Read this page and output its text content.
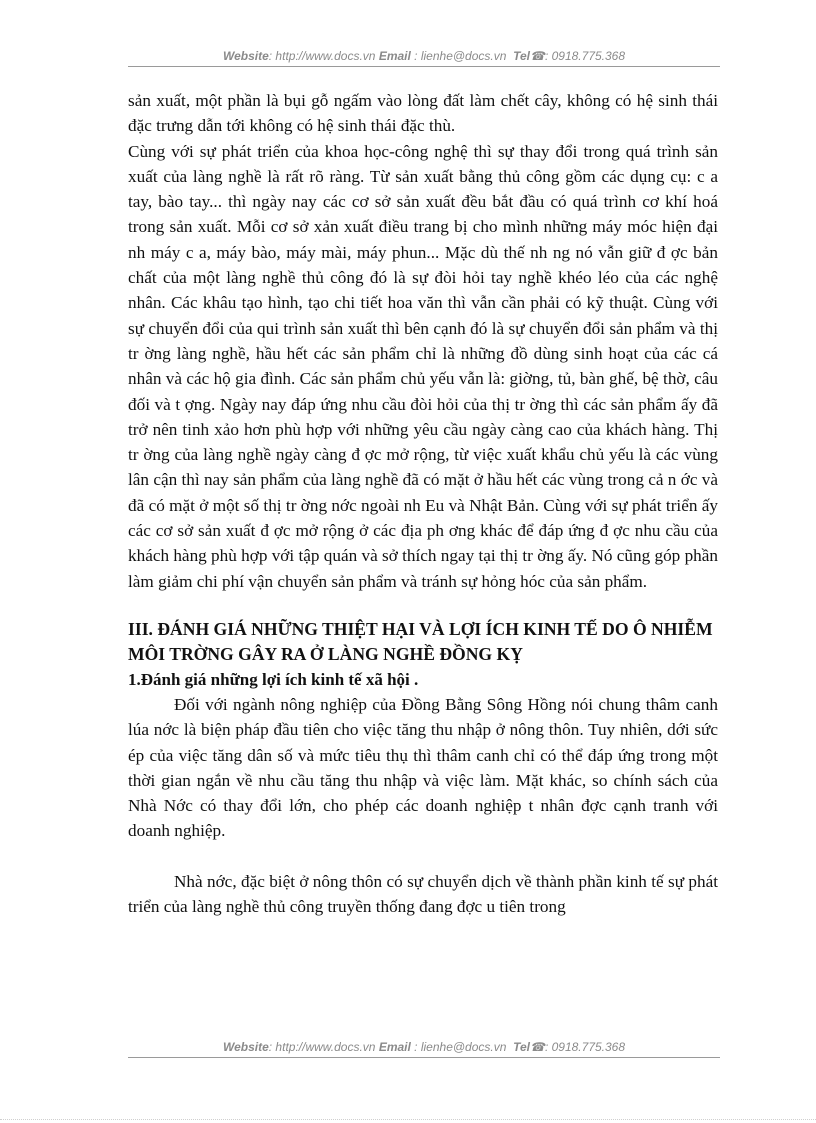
Website: http://www.docs.vn Email : lienhe@docs.vn Tel☎: 0918.775.368

sản xuất, một phần là bụi gỗ ngấm vào lòng đất làm chết cây, không có hệ sinh thái đặc trưng dẫn tới không có hệ sinh thái đặc thù.

Cùng với sự phát triển của khoa học-công nghệ thì sự thay đổi trong quá trình sản xuất của làng nghề là rất rõ ràng. Từ sản xuất bằng thủ công gồm các dụng cụ: c a tay, bào tay... thì ngày nay các cơ sở sản xuất đều bắt đầu có quá trình cơ khí hoá trong sản xuất. Mỗi cơ sở xản xuất điều trang bị cho mình những máy móc hiện đại nh máy c a, máy bào, máy mài, máy phun... Mặc dù thế nh ng nó vẫn giữ đ ợc bản chất của một làng nghề thủ công đó là sự đòi hỏi tay nghề khéo léo của các nghệ nhân. Các khâu tạo hình, tạo chi tiết hoa văn thì vẫn cần phải có kỹ thuật. Cùng với sự chuyển đổi của qui trình sản xuất thì bên cạnh đó là sự chuyển đổi sản phẩm và thị tr ờng làng nghề, hầu hết các sản phẩm chỉ là những đồ dùng sinh hoạt của các cá nhân và các hộ gia đình. Các sản phẩm chủ yếu vẫn là: giờng, tủ, bàn ghế, bệ thờ, câu đối và t ợng. Ngày nay đáp ứng nhu cầu đòi hỏi của thị tr ờng thì các sản phẩm ấy đã trở nên tinh xảo hơn phù hợp với những yêu cầu ngày càng cao của khách hàng. Thị tr ờng của làng nghề ngày càng đ ợc mở rộng, từ việc xuất khẩu chủ yếu là các vùng lân cận thì nay sản phẩm của làng nghề đã có mặt ở hầu hết các vùng trong cả n ớc và đã có mặt ở một số thị tr ờng nớc ngoài nh Eu và Nhật Bản. Cùng với sự phát triển ấy các cơ sở sản xuất đ ợc mở rộng ở các địa ph ơng khác để đáp ứng đ ợc nhu cầu của khách hàng phù hợp với tập quán và sở thích ngay tại thị tr ờng ấy. Nó cũng góp phần làm giảm chi phí vận chuyển sản phẩm và tránh sự hỏng hóc của sản phẩm.

III. ĐÁNH GIÁ NHỮNG THIỆT HẠI VÀ LỢI ÍCH KINH TẾ DO Ô NHIỄM MÔI TRỜNG GÂY RA Ở LÀNG NGHỀ ĐỒNG KỴ

1.Đánh giá những lợi ích kinh tế xã hội .

Đối với ngành nông nghiệp của Đồng Bằng Sông Hồng nói chung thâm canh lúa nớc là biện pháp đầu tiên cho việc tăng thu nhập ở nông thôn. Tuy nhiên, dới sức ép của việc tăng dân số và mức tiêu thụ thì thâm canh chỉ có thể đáp ứng trong một thời gian ngắn về nhu cầu tăng thu nhập và việc làm. Mặt khác, so chính sách của Nhà Nớc có thay đổi lớn, cho phép các doanh nghiệp t nhân đợc cạnh tranh với doanh nghiệp.

Nhà nớc, đặc biệt ở nông thôn có sự chuyển dịch về thành phần kinh tế sự phát triển của làng nghề thủ công truyền thống đang đợc u tiên trong

Website: http://www.docs.vn Email : lienhe@docs.vn Tel☎: 0918.775.368
